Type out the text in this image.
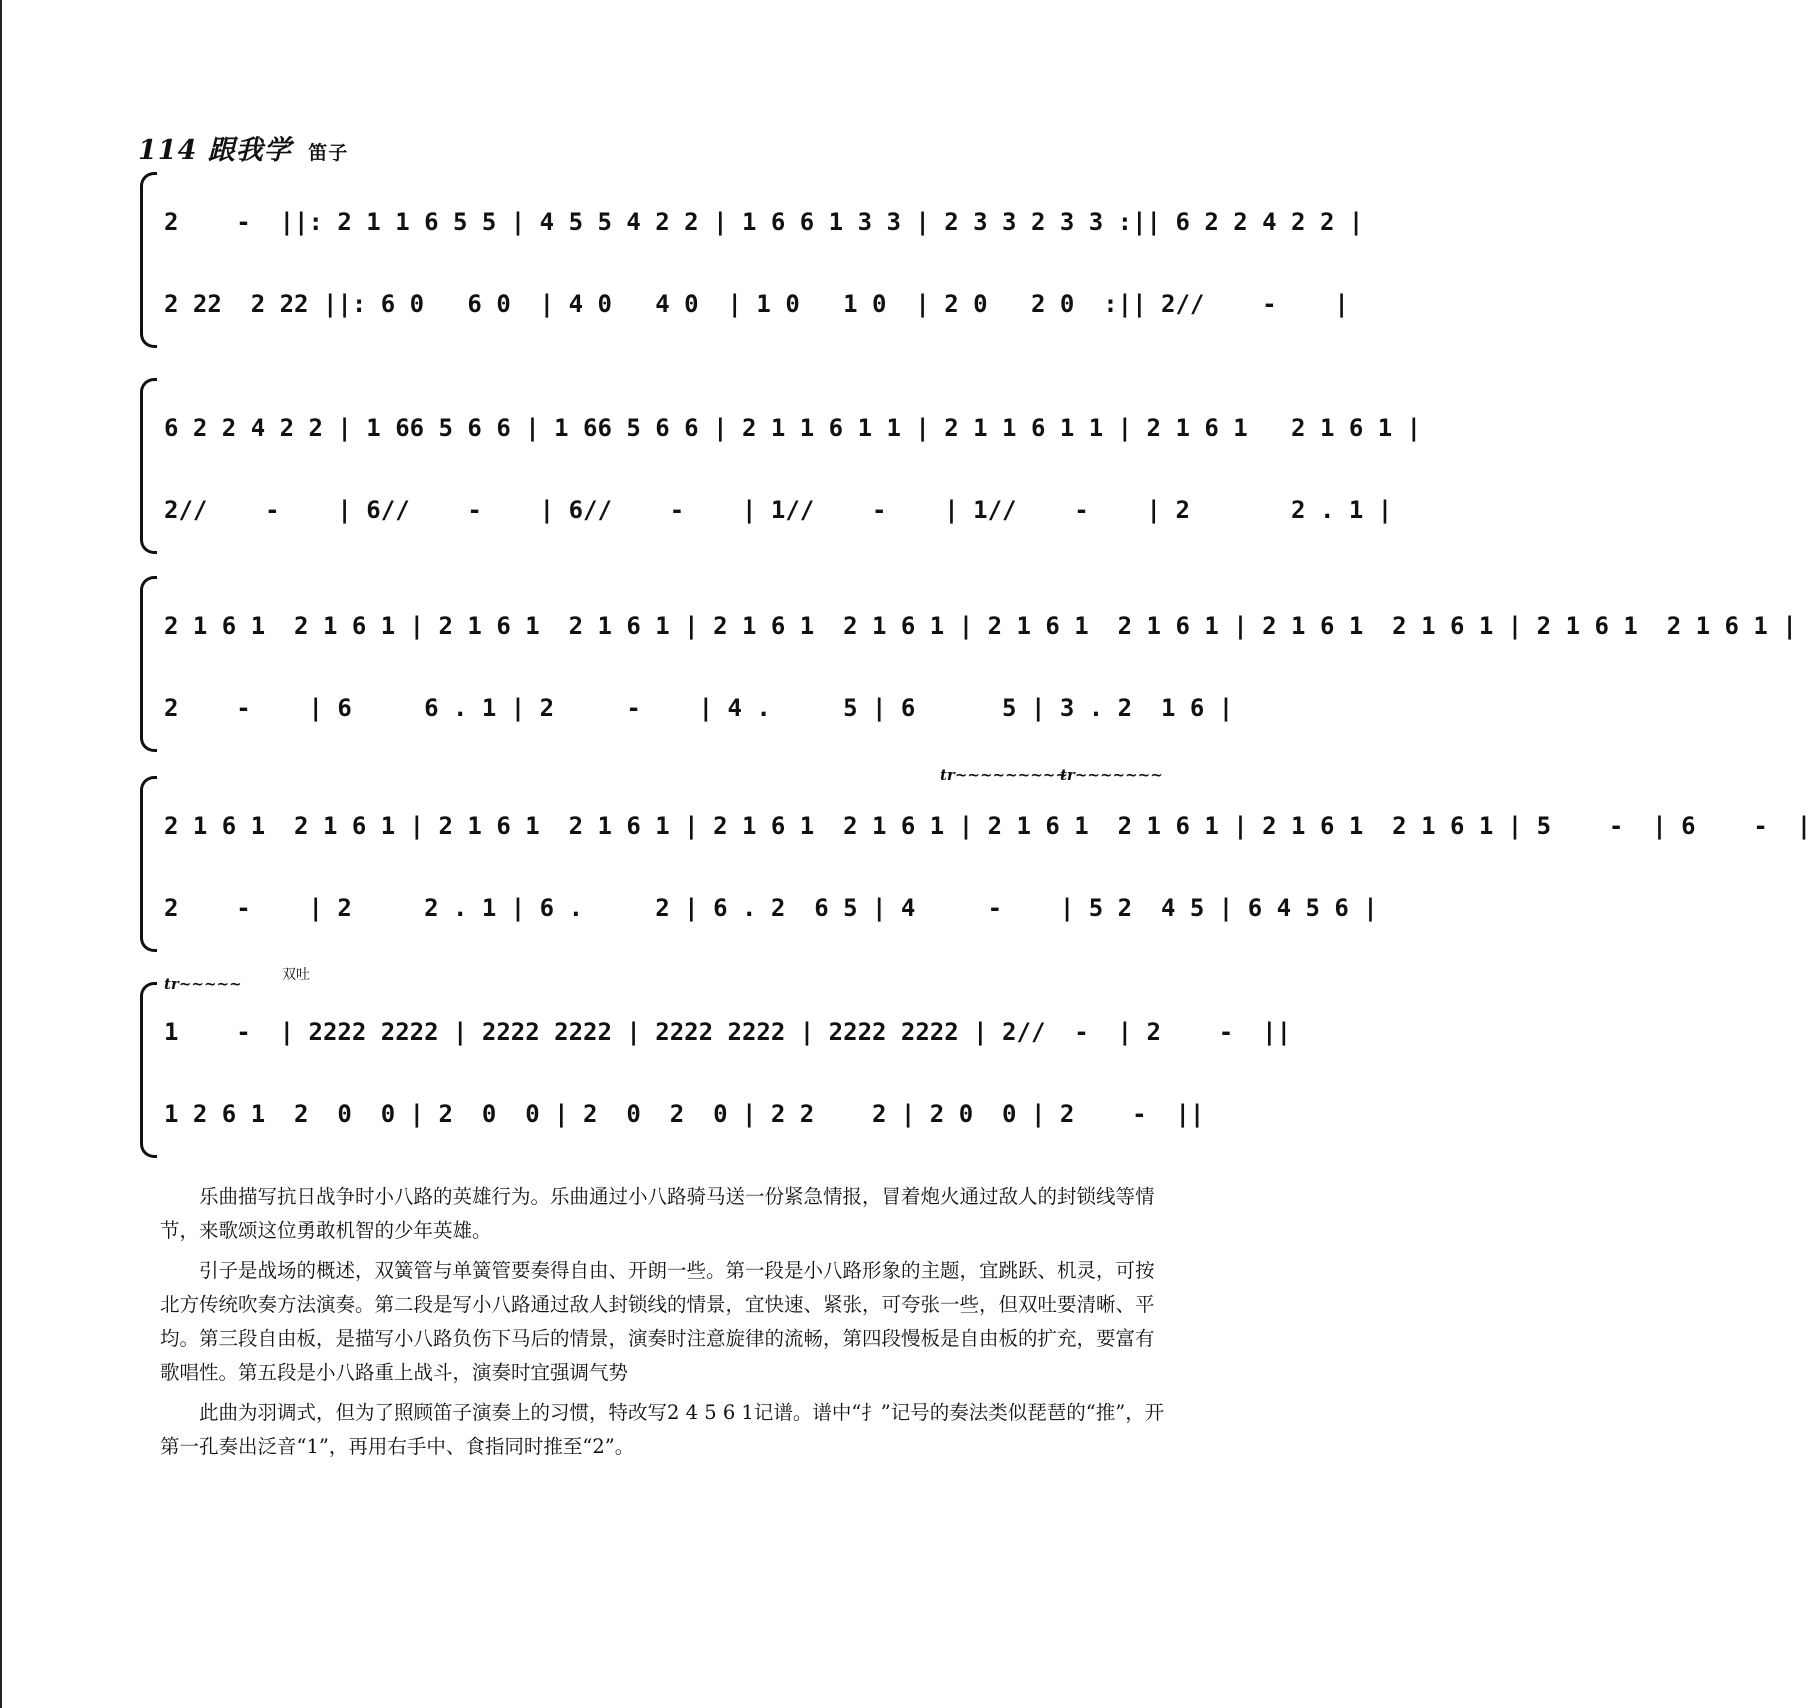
114 跟我学 笛子
2    -  ||: 2 1 1 6 5 5 | 4 5 5 4 2 2 | 1 6 6 1 3 3 | 2 3 3 2 3 3 :|| 6 2 2 4 2 2 |
2 22  2 22 ||: 6 0   6 0  | 4 0   4 0  | 1 0   1 0  | 2 0   2 0  :|| 2//    -    |
6 2 2 4 2 2 | 1 66 5 6 6 | 1 66 5 6 6 | 2 1 1 6 1 1 | 2 1 1 6 1 1 | 2 1 6 1   2 1 6 1 |
2//    -    | 6//    -    | 6//    -    | 1//    -    | 1//    -    | 2       2 . 1 |
2 1 6 1  2 1 6 1 | 2 1 6 1  2 1 6 1 | 2 1 6 1  2 1 6 1 | 2 1 6 1  2 1 6 1 | 2 1 6 1  2 1 6 1 | 2 1 6 1  2 1 6 1 |
2    -    | 6     6 . 1 | 2     -    | 4 .     5 | 6      5 | 3 . 2  1 6 |
tr~~~~~~~~~
tr~~~~~~~
2 1 6 1  2 1 6 1 | 2 1 6 1  2 1 6 1 | 2 1 6 1  2 1 6 1 | 2 1 6 1  2 1 6 1 | 2 1 6 1  2 1 6 1 | 5    -  | 6    -  |
2    -    | 2     2 . 1 | 6 .     2 | 6 . 2  6 5 | 4     -    | 5 2  4 5 | 6 4 5 6 |
tr~~~~~	双吐
1    -  | 2222 2222 | 2222 2222 | 2222 2222 | 2222 2222 | 2//  -  | 2    -  ||
1 2 6 1  2  0  0 | 2  0  0 | 2  0  2  0 | 2 2    2 | 2 0  0 | 2    -  ||

乐曲描写抗日战争时小八路的英雄行为。乐曲通过小八路骑马送一份紧急情报，冒着炮火通过敌人的封锁线等情节，来歌颂这位勇敢机智的少年英雄。

引子是战场的概述，双簧管与单簧管要奏得自由、开朗一些。第一段是小八路形象的主题，宜跳跃、机灵，可按北方传统吹奏方法演奏。第二段是写小八路通过敌人封锁线的情景，宜快速、紧张，可夸张一些，但双吐要清晰、平均。第三段自由板，是描写小八路负伤下马后的情景，演奏时注意旋律的流畅，第四段慢板是自由板的扩充，要富有歌唱性。第五段是小八路重上战斗，演奏时宜强调气势

此曲为羽调式，但为了照顾笛子演奏上的习惯，特改写2 4 5 6 1记谱。谱中“扌”记号的奏法类似琵琶的“推”，开第一孔奏出泛音“1”，再用右手中、食指同时推至“2”。
